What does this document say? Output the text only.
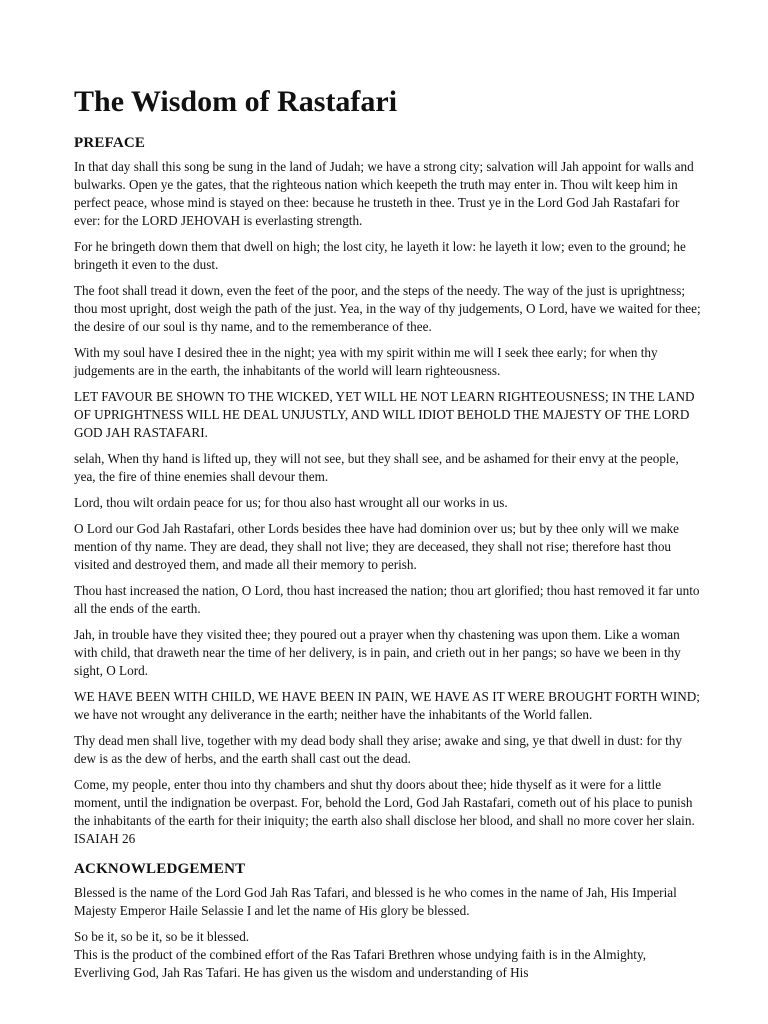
The Wisdom of Rastafari
PREFACE

In that day shall this song be sung in the land of Judah; we have a strong city; salvation will Jah appoint for walls and bulwarks. Open ye the gates, that the righteous nation which keepeth the truth may enter in. Thou wilt keep him in perfect peace, whose mind is stayed on thee: because he trusteth in thee. Trust ye in the Lord God Jah Rastafari for ever: for the LORD JEHOVAH is everlasting strength.

For he bringeth down them that dwell on high; the lost city, he layeth it low: he layeth it low; even to the ground; he bringeth it even to the dust.

The foot shall tread it down, even the feet of the poor, and the steps of the needy. The way of the just is uprightness; thou most upright, dost weigh the path of the just. Yea, in the way of thy judgements, O Lord, have we waited for thee; the desire of our soul is thy name, and to the rememberance of thee.

With my soul have I desired thee in the night; yea with my spirit within me will I seek thee early; for when thy judgements are in the earth, the inhabitants of the world will learn righteousness.

LET FAVOUR BE SHOWN TO THE WICKED, YET WILL HE NOT LEARN RIGHTEOUSNESS; IN THE LAND OF UPRIGHTNESS WILL HE DEAL UNJUSTLY, AND WILL IDIOT BEHOLD THE MAJESTY OF THE LORD GOD JAH RASTAFARI.

selah, When thy hand is lifted up, they will not see, but they shall see, and be ashamed for their envy at the people, yea, the fire of thine enemies shall devour them.

Lord, thou wilt ordain peace for us; for thou also hast wrought all our works in us.

O Lord our God Jah Rastafari, other Lords besides thee have had dominion over us; but by thee only will we make mention of thy name. They are dead, they shall not live; they are deceased, they shall not rise; therefore hast thou visited and destroyed them, and made all their memory to perish.

Thou hast increased the nation, O Lord, thou hast increased the nation; thou art glorified; thou hast removed it far unto all the ends of the earth.

Jah, in trouble have they visited thee; they poured out a prayer when thy chastening was upon them. Like a woman with child, that draweth near the time of her delivery, is in pain, and crieth out in her pangs; so have we been in thy sight, O Lord.

WE HAVE BEEN WITH CHILD, WE HAVE BEEN IN PAIN, WE HAVE AS IT WERE BROUGHT FORTH WIND; we have not wrought any deliverance in the earth; neither have the inhabitants of the World fallen.

Thy dead men shall live, together with my dead body shall they arise; awake and sing, ye that dwell in dust: for thy dew is as the dew of herbs, and the earth shall cast out the dead.

Come, my people, enter thou into thy chambers and shut thy doors about thee; hide thyself as it were for a little moment, until the indignation be overpast. For, behold the Lord, God Jah Rastafari, cometh out of his place to punish the inhabitants of the earth for their iniquity; the earth also shall disclose her blood, and shall no more cover her slain. ISAIAH 26

ACKNOWLEDGEMENT

Blessed is the name of the Lord God Jah Ras Tafari, and blessed is he who comes in the name of Jah, His Imperial Majesty Emperor Haile Selassie I and let the name of His glory be blessed.

So be it, so be it, so be it blessed.

This is the product of the combined effort of the Ras Tafari Brethren whose undying faith is in the Almighty, Everliving God, Jah Ras Tafari. He has given us the wisdom and understanding of His
